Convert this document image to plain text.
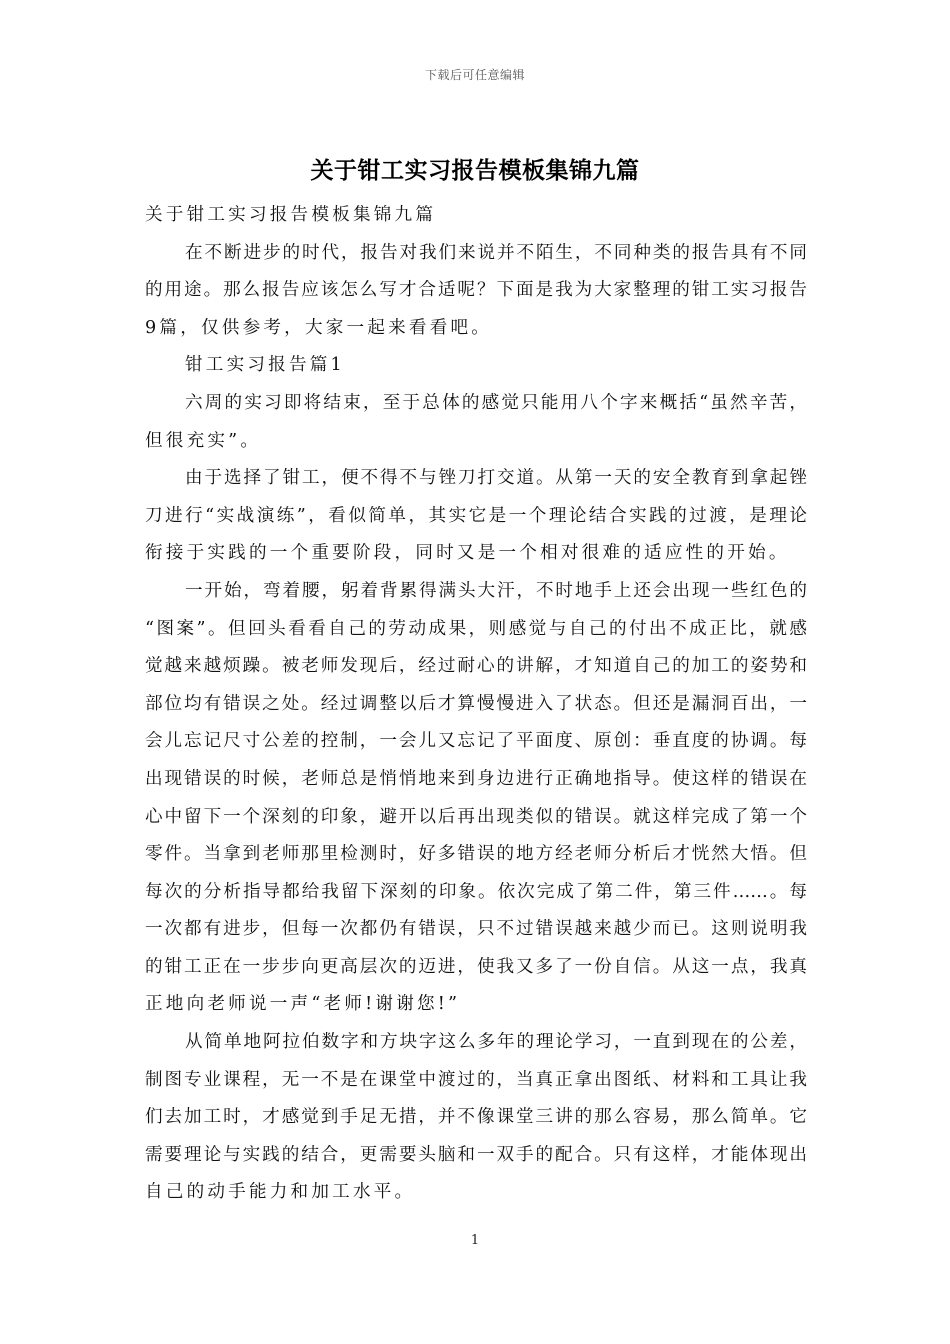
下载后可任意编辑
关于钳工实习报告模板集锦九篇
关于钳工实习报告模板集锦九篇
在不断进步的时代，报告对我们来说并不陌生，不同种类的报告具有不同
的用途。那么报告应该怎么写才合适呢？下面是我为大家整理的钳工实习报告
9篇，仅供参考，大家一起来看看吧。
钳工实习报告篇1
六周的实习即将结束，至于总体的感觉只能用八个字来概括“虽然辛苦，
但很充实”。
由于选择了钳工，便不得不与锉刀打交道。从第一天的安全教育到拿起锉
刀进行“实战演练”，看似简单，其实它是一个理论结合实践的过渡，是理论
衔接于实践的一个重要阶段，同时又是一个相对很难的适应性的开始。
一开始，弯着腰，躬着背累得满头大汗，不时地手上还会出现一些红色的
“图案”。但回头看看自己的劳动成果，则感觉与自己的付出不成正比，就感
觉越来越烦躁。被老师发现后，经过耐心的讲解，才知道自己的加工的姿势和
部位均有错误之处。经过调整以后才算慢慢进入了状态。但还是漏洞百出，一
会儿忘记尺寸公差的控制，一会儿又忘记了平面度、原创：垂直度的协调。每
出现错误的时候，老师总是悄悄地来到身边进行正确地指导。使这样的错误在
心中留下一个深刻的印象，避开以后再出现类似的错误。就这样完成了第一个
零件。当拿到老师那里检测时，好多错误的地方经老师分析后才恍然大悟。但
每次的分析指导都给我留下深刻的印象。依次完成了第二件，第三件……。每
一次都有进步，但每一次都仍有错误，只不过错误越来越少而已。这则说明我
的钳工正在一步步向更高层次的迈进，使我又多了一份自信。从这一点，我真
正地向老师说一声“老师!谢谢您!”
从简单地阿拉伯数字和方块字这么多年的理论学习，一直到现在的公差，
制图专业课程，无一不是在课堂中渡过的，当真正拿出图纸、材料和工具让我
们去加工时，才感觉到手足无措，并不像课堂三讲的那么容易，那么简单。它
需要理论与实践的结合，更需要头脑和一双手的配合。只有这样，才能体现出
自己的动手能力和加工水平。
1
